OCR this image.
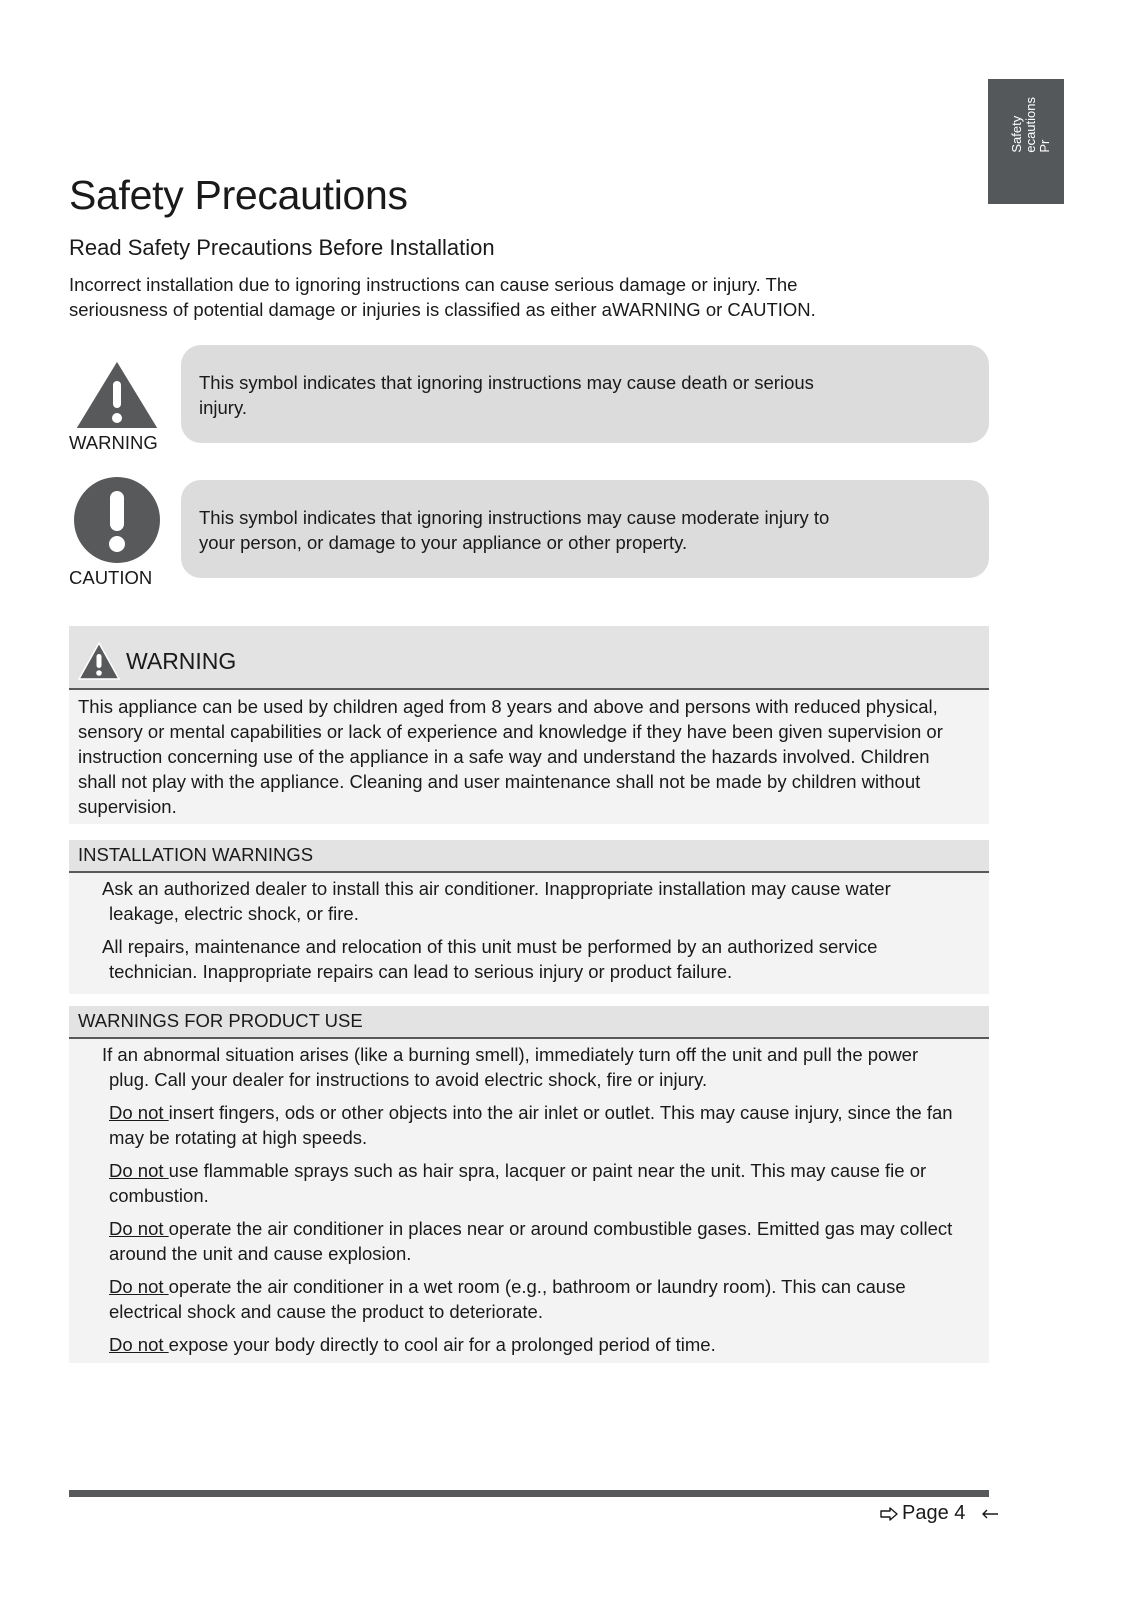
Safety
ecautions
Pr
Safety Precautions
Read Safety Precautions Before Installation

Incorrect installation due to ignoring instructions can cause serious damage or injury. The seriousness of potential damage or injuries is classified as either aWARNING or CAUTION.

WARNING
This symbol indicates that ignoring instructions may cause death or serious injury.
CAUTION
This symbol indicates that ignoring instructions may cause moderate injury to your person, or damage to your appliance or other property.
WARNING
This appliance can be used by children aged from 8 years and above and persons with reduced physical, sensory or mental capabilities or lack of experience and knowledge if they have been given supervision or instruction concerning use of the appliance in a safe way and understand the hazards involved. Children shall not play with the appliance. Cleaning and user maintenance shall not be made by children without supervision.
INSTALLATION WARNINGS

Ask an authorized dealer to install this air conditioner. Inappropriate installation may cause water leakage, electric shock, or fire.

All repairs, maintenance and relocation of this unit must be performed by an authorized service technician. Inappropriate repairs can lead to serious injury or product failure.

WARNINGS FOR PRODUCT USE

If an abnormal situation arises (like a burning smell), immediately turn off the unit and pull the power plug. Call your dealer for instructions to avoid electric shock, fire or injury.

Do not insert fingers, ods or other objects into the air inlet or outlet. This may cause injury, since the fan may be rotating at high speeds.

Do not use flammable sprays such as hair spra, lacquer or paint near the unit. This may cause fie or combustion.

Do not operate the air conditioner in places near or around combustible gases. Emitted gas may collect around the unit and cause explosion.

Do not operate the air conditioner in a wet room (e.g., bathroom or laundry room). This can cause electrical shock and cause the product to deteriorate.

Do not expose your body directly to cool air for a prolonged period of time.

Page 4
